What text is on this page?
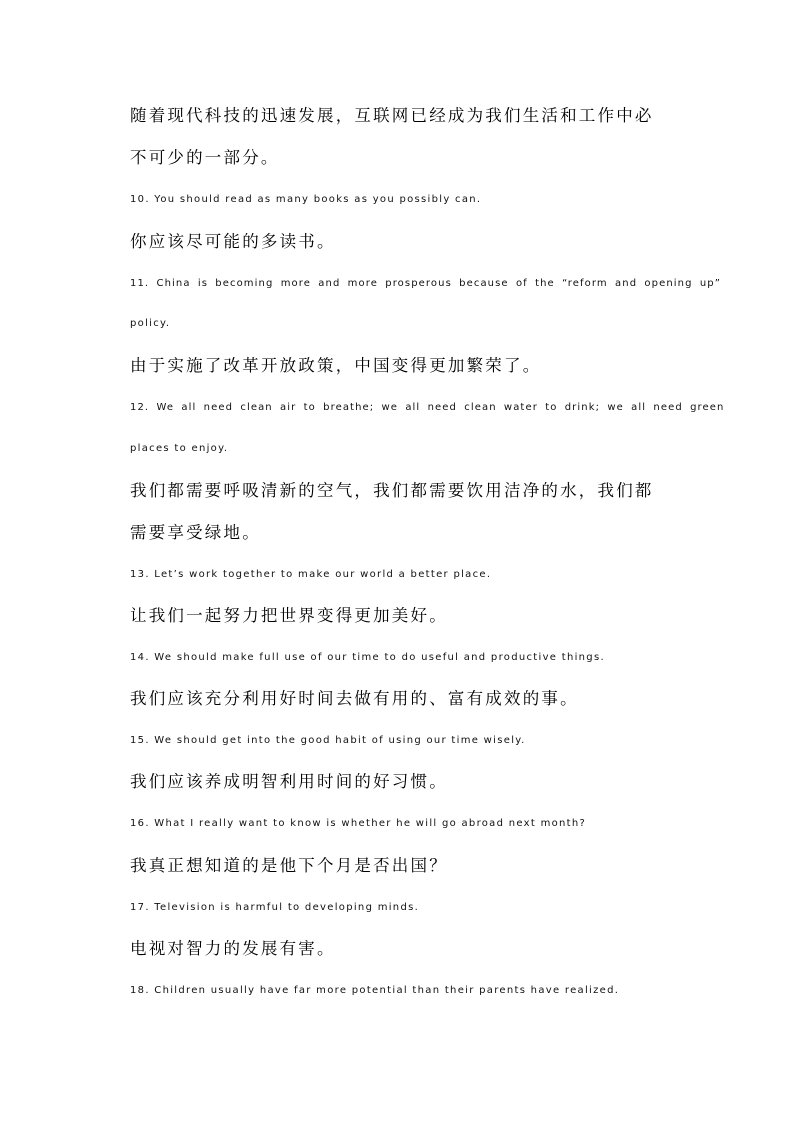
随着现代科技的迅速发展，互联网已经成为我们生活和工作中必
不可少的一部分。
10. You should read as many books as you possibly can.
你应该尽可能的多读书。
11. China is becoming more and more prosperous because of the “reform and opening up”
policy.
由于实施了改革开放政策，中国变得更加繁荣了。
12. We all need clean air to breathe; we all need clean water to drink; we all need green
places to enjoy.
我们都需要呼吸清新的空气，我们都需要饮用洁净的水，我们都
需要享受绿地。
13. Let’s work together to make our world a better place.
让我们一起努力把世界变得更加美好。
14. We should make full use of our time to do useful and productive things.
我们应该充分利用好时间去做有用的、富有成效的事。
15. We should get into the good habit of using our time wisely.
我们应该养成明智利用时间的好习惯。
16. What I really want to know is whether he will go abroad next month?
我真正想知道的是他下个月是否出国？
17. Television is harmful to developing minds.
电视对智力的发展有害。
18. Children usually have far more potential than their parents have realized.
